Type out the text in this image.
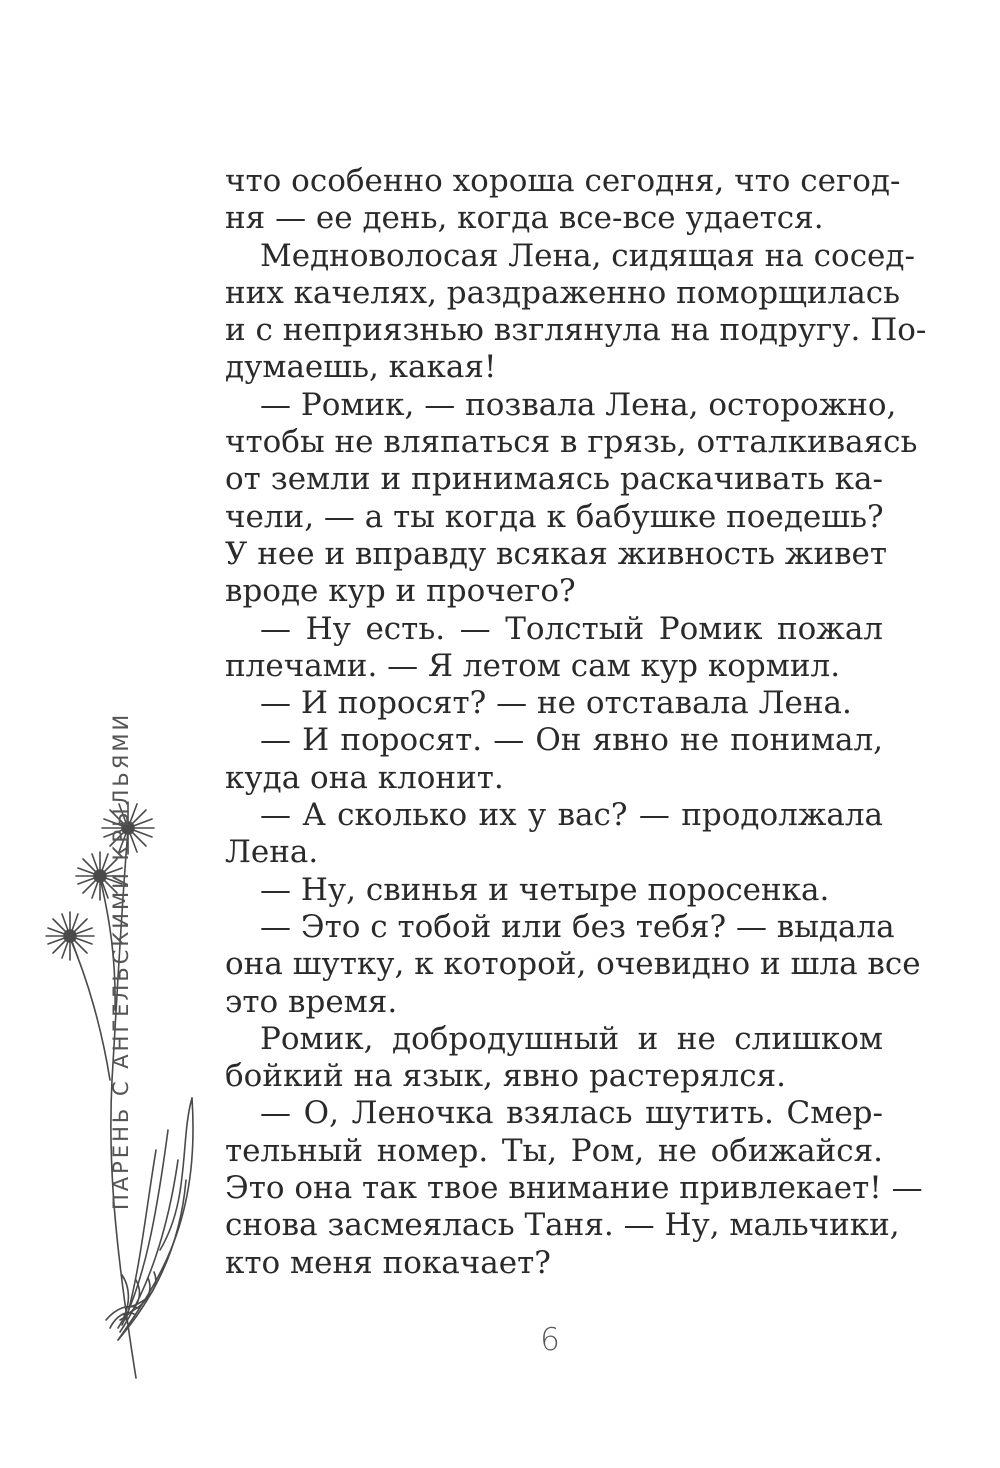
что особенно хороша сегодня, что сегод-
ня — ее день, когда все-все удается.
Медноволосая Лена, сидящая на сосед-
них качелях, раздраженно поморщилась
и с неприязнью взглянула на подругу. По-
думаешь, какая!
— Ромик, — позвала Лена, осторожно,
чтобы не вляпаться в грязь, отталкиваясь
от земли и принимаясь раскачивать ка-
чели, — а ты когда к бабушке поедешь?
У нее и вправду всякая живность живет
вроде кур и прочего?
— Ну есть. — Толстый Ромик пожал
плечами. — Я летом сам кур кормил.
— И поросят? — не отставала Лена.
— И поросят. — Он явно не понимал,
куда она клонит.
— А сколько их у вас? — продолжала
Лена.
— Ну, свинья и четыре поросенка.
— Это с тобой или без тебя? — выдала
она шутку, к которой, очевидно и шла все
это время.
Ромик, добродушный и не слишком
бойкий на язык, явно растерялся.
— О, Леночка взялась шутить. Смер-
тельный номер. Ты, Ром, не обижайся.
Это она так твое внимание привлекает! —
снова засмеялась Таня. — Ну, мальчики,
кто меня покачает?
ПАРЕНЬ С АНГЕЛЬСКИМИ КРЫЛЬЯМИ
6
